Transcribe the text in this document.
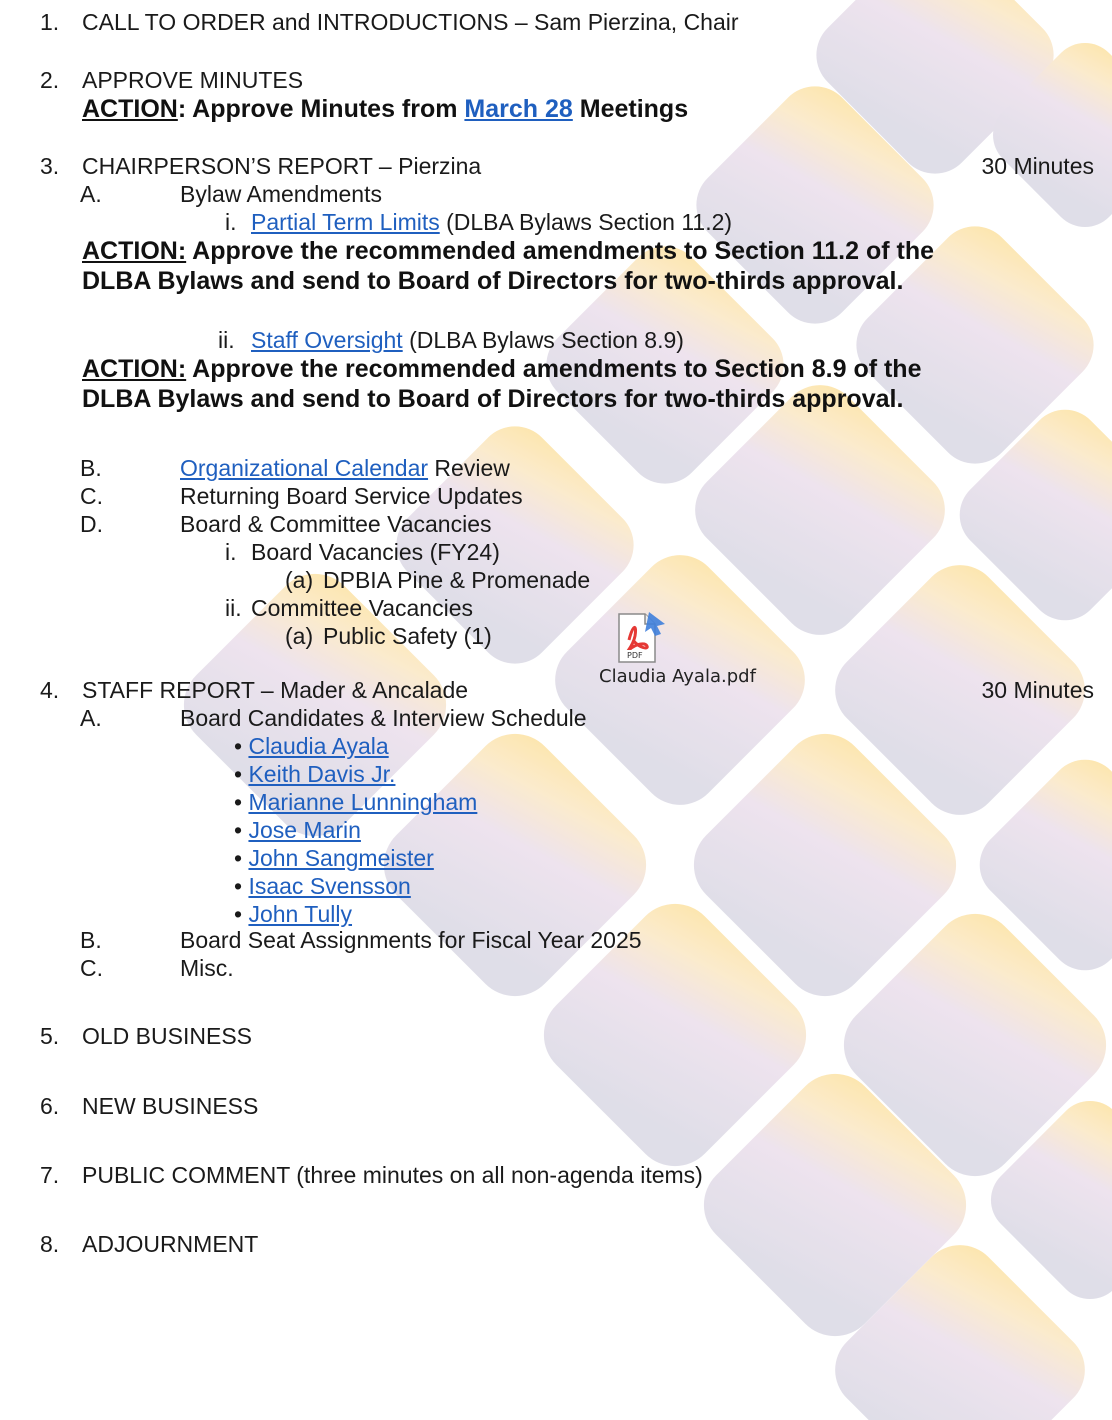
1. CALL TO ORDER and INTRODUCTIONS – Sam Pierzina, Chair
2. APPROVE MINUTES
ACTION: Approve Minutes from March 28 Meetings
3. CHAIRPERSON’S REPORT – Pierzina	30 Minutes
A.	Bylaw Amendments
i. Partial Term Limits (DLBA Bylaws Section 11.2)
ACTION: Approve the recommended amendments to Section 11.2 of the
DLBA Bylaws and send to Board of Directors for two-thirds approval.
ii. Staff Oversight (DLBA Bylaws Section 8.9)
ACTION: Approve the recommended amendments to Section 8.9 of the
DLBA Bylaws and send to Board of Directors for two-thirds approval.
B.	Organizational Calendar Review
C.	Returning Board Service Updates
D.	Board & Committee Vacancies
i. Board Vacancies (FY24)
(a) DPBIA Pine & Promenade
ii. Committee Vacancies
(a) Public Safety (1)
4. STAFF REPORT – Mader & Ancalade	30 Minutes
A.	Board Candidates & Interview Schedule
• Claudia Ayala
• Keith Davis Jr.
• Marianne Lunningham
• Jose Marin
• John Sangmeister
• Isaac Svensson
• John Tully
B.	Board Seat Assignments for Fiscal Year 2025
C.	Misc.
5. OLD BUSINESS
6. NEW BUSINESS
7. PUBLIC COMMENT (three minutes on all non-agenda items)
8. ADJOURNMENT
PDF
Claudia Ayala.pdf
